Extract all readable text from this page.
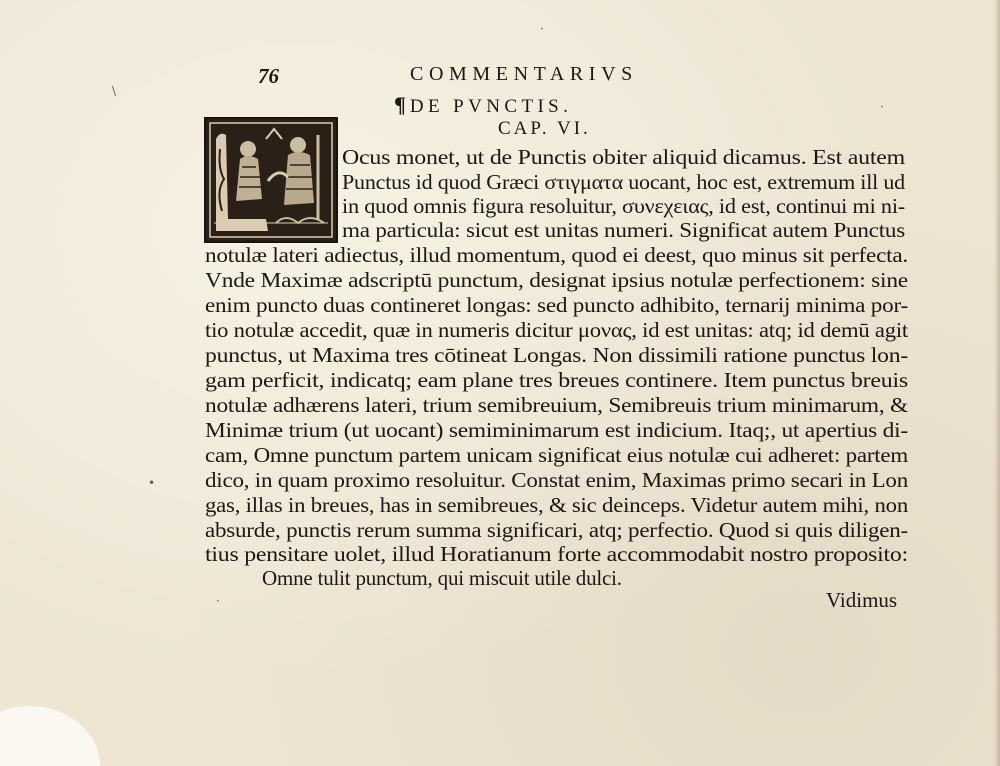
76	COMMENTARIVS
¶ DE PVNCTIS.
CAP. VI.
Ocus monet, ut de Punctis obiter aliquid dicamus. Est autem
Punctus id quod Græci στιγματα uocant, hoc est, extremum ill ud
in quod omnis figura resoluitur, συνεχειας, id est, continui mi ni-
ma particula: sicut est unitas numeri. Significat autem Punctus
notulæ lateri adiectus, illud momentum, quod ei deest, quo minus sit perfecta.
Vnde Maximæ adscriptū punctum, designat ipsius notulæ perfectionem: sine
enim puncto duas contineret longas: sed puncto adhibito, ternarij minima por-
tio notulæ accedit, quæ in numeris dicitur μονας, id est unitas: atq; id demū agit
punctus, ut Maxima tres cōtineat Longas. Non dissimili ratione punctus lon-
gam perficit, indicatq; eam plane tres breues continere. Item punctus breuis
notulæ adhærens lateri, trium semibreuium, Semibreuis trium minimarum, &
Minimæ trium (ut uocant) semiminimarum est indicium. Itaq;, ut apertius di-
cam, Omne punctum partem unicam significat eius notulæ cui adheret: partem
dico, in quam proximo resoluitur. Constat enim, Maximas primo secari in Lon
gas, illas in breues, has in semibreues, & sic deinceps. Videtur autem mihi, non
absurde, punctis rerum summa significari, atq; perfectio. Quod si quis diligen-
tius pensitare uolet, illud Horatianum forte accommodabit nostro proposito:
Omne tulit punctum, qui miscuit utile dulci.
Vidimus
•
\
·
·
·
